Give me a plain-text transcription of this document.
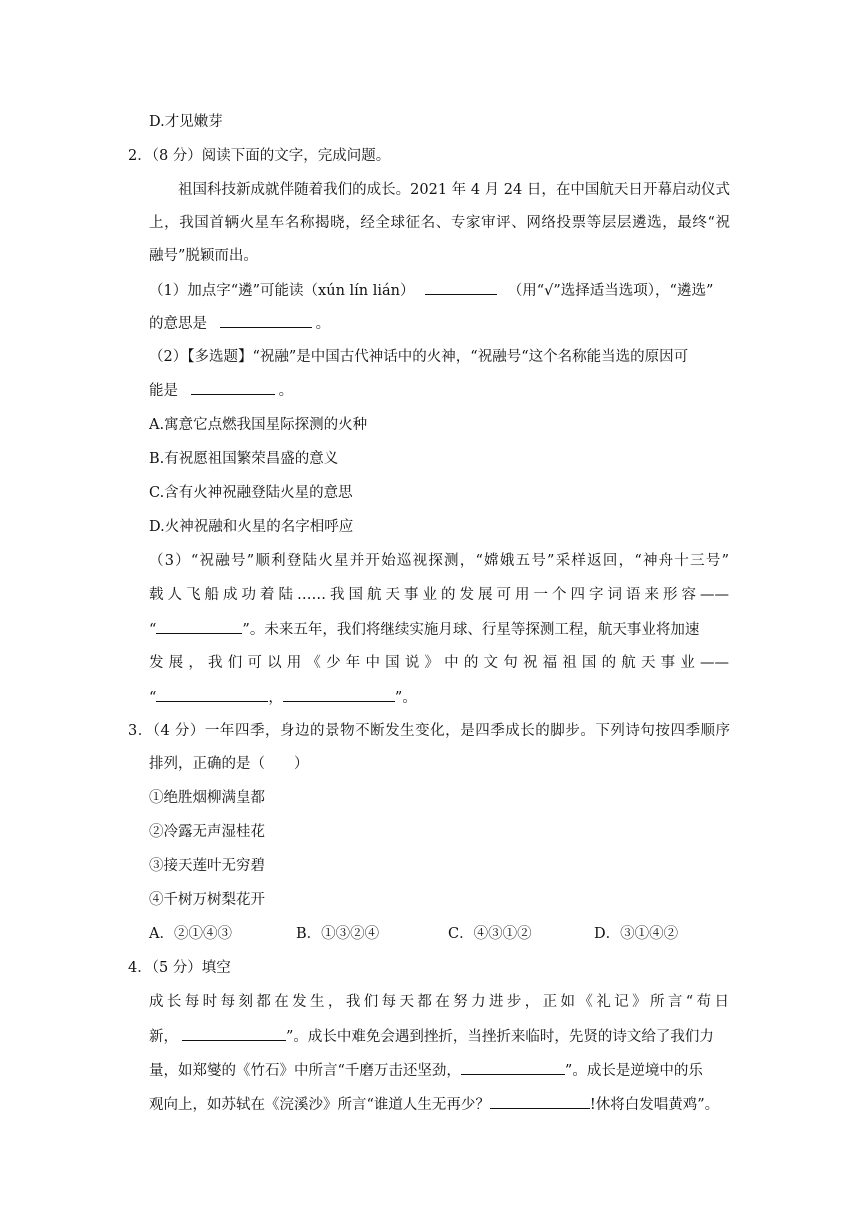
D.才见嫩芽
2．（8 分）阅读下面的文字，完成问题。
祖国科技新成就伴随着我们的成长。2021 年 4 月 24 日，在中国航天日开幕启动仪式
上，我国首辆火星车名称揭晓，经全球征名、专家审评、网络投票等层层遴选，最终“祝
融号”脱颖而出。
（1）加点字“遴”可能读（xún lín lián）	（用“√”选择适当选项），“遴选”
的意思是	。
（2）【多选题】“祝融”是中国古代神话中的火神，“祝融号“这个名称能当选的原因可
能是	。
A.寓意它点燃我国星际探测的火种
B.有祝愿祖国繁荣昌盛的意义
C.含有火神祝融登陆火星的意思
D.火神祝融和火星的名字相呼应
（3）“祝融号”顺利登陆火星并开始巡视探测，“嫦娥五号”采样返回，“神舟十三号”
载人飞船成功着陆……我国航天事业的发展可用一个四字词语来形容——
“	”。未来五年，我们将继续实施月球、行星等探测工程，航天事业将加速
发展，我们可以用《少年中国说》中的文句祝福祖国的航天事业——
“	，	”。
3．（4 分）一年四季，身边的景物不断发生变化，是四季成长的脚步。下列诗句按四季顺序
排列，正确的是（　　）
①绝胜烟柳满皇都
②冷露无声湿桂花
③接天莲叶无穷碧
④千树万树梨花开
A．②①④③	B．①③②④	C．④③①②	D．③①④②
4．（5 分）填空
成长每时每刻都在发生，我们每天都在努力进步，正如《礼记》所言“苟日
新，	”。成长中难免会遇到挫折，当挫折来临时，先贤的诗文给了我们力
量，如郑燮的《竹石》中所言“千磨万击还坚劲，	”。成长是逆境中的乐
观向上，如苏轼在《浣溪沙》所言“谁道人生无再少？	!休将白发唱黄鸡”。
